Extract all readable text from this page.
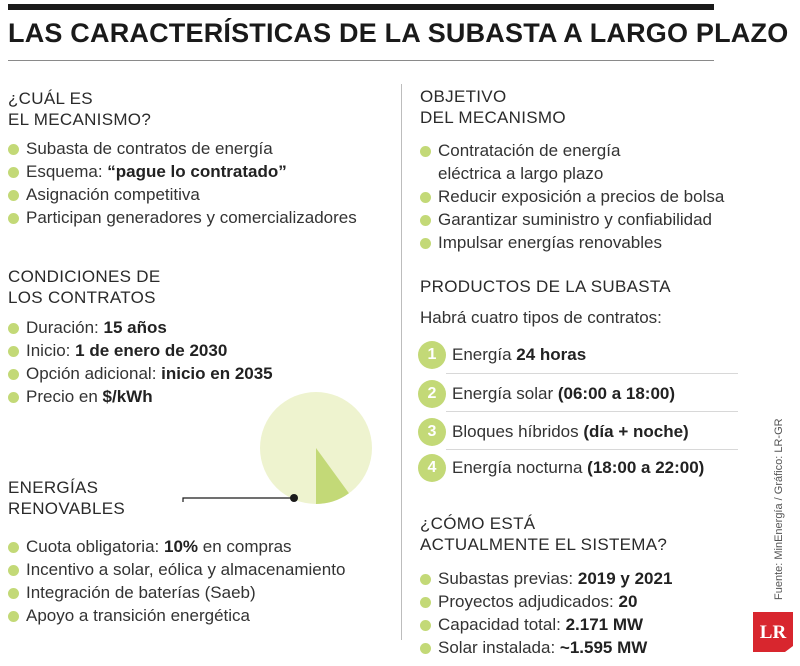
LAS CARACTERÍSTICAS DE LA SUBASTA A LARGO PLAZO
¿CUÁL ES
EL MECANISMO?
Subasta de contratos de energía
Esquema: “pague lo contratado”
Asignación competitiva
Participan generadores y comercializadores
CONDICIONES DE
LOS CONTRATOS
Duración: 15 años
Inicio: 1 de enero de 2030
Opción adicional: inicio en 2035
Precio en $/kWh
ENERGÍAS
RENOVABLES
Cuota obligatoria: 10% en compras
Incentivo a solar, eólica y almacenamiento
Integración de baterías (Saeb)
Apoyo a transición energética
OBJETIVO
DEL MECANISMO
Contratación de energía
eléctrica a largo plazo
Reducir exposición a precios de bolsa
Garantizar suministro y confiabilidad
Impulsar energías renovables
PRODUCTOS DE LA SUBASTA
Habrá cuatro tipos de contratos:
1 Energía 24 horas
2 Energía solar (06:00 a 18:00)
3 Bloques híbridos (día + noche)
4 Energía nocturna (18:00 a 22:00)
¿CÓMO ESTÁ
ACTUALMENTE EL SISTEMA?
Subastas previas: 2019 y 2021
Proyectos adjudicados: 20
Capacidad total: 2.171 MW
Solar instalada: ~1.595 MW
Fuente: MinEnergía / Gráfico: LR-GR
LR
